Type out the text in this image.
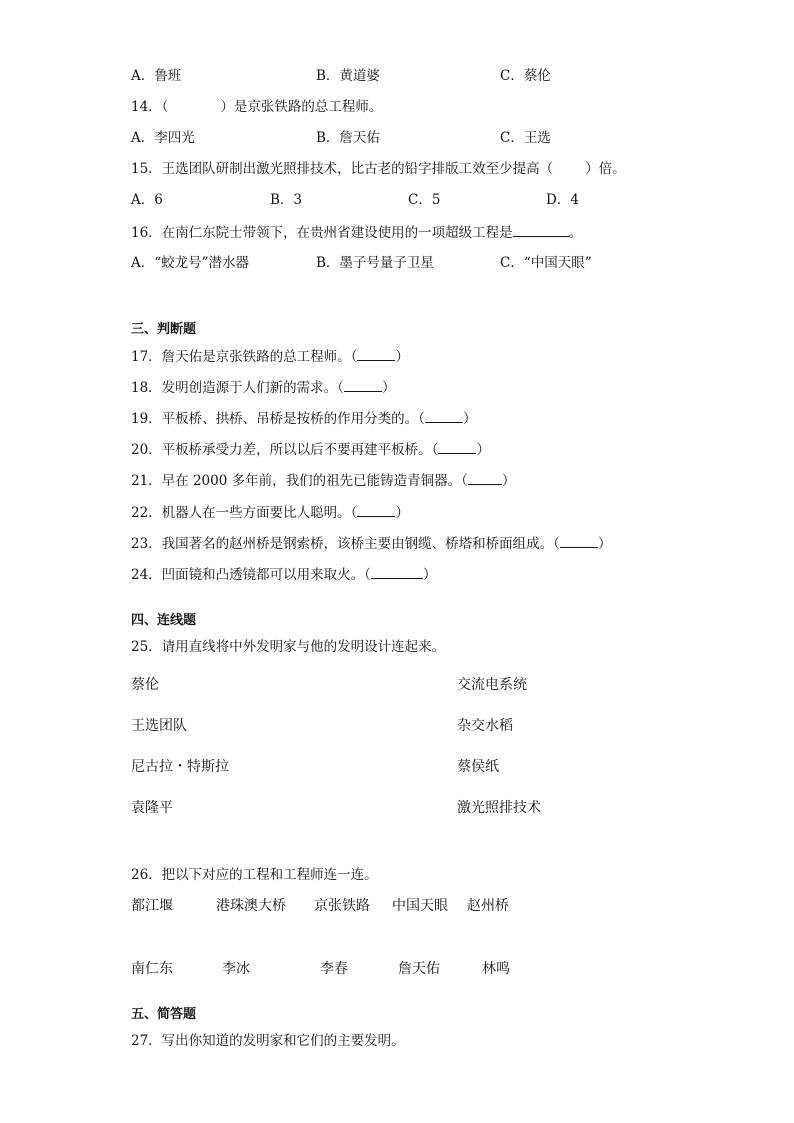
A．鲁班	B．黄道婆	C．蔡伦
14．（	）是京张铁路的总工程师。
A．李四光	B．詹天佑	C．王选
15．王选团队研制出激光照排技术，比古老的铅字排版工效至少提高（ ）倍。
A．6	B．3	C．5	D．4
16．在南仁东院士带领下，在贵州省建设使用的一项超级工程是	。
A．“蛟龙号”潜水器	B．墨子号量子卫星	C．“中国天眼”
三、判断题
17．詹天佑是京张铁路的总工程师。（	）
18．发明创造源于人们新的需求。（	）
19．平板桥、拱桥、吊桥是按桥的作用分类的。（	）
20．平板桥承受力差，所以以后不要再建平板桥。（	）
21．早在 2000 多年前，我们的祖先已能铸造青铜器。（	）
22．机器人在一些方面要比人聪明。（	）
23．我国著名的赵州桥是钢索桥，该桥主要由钢缆、桥塔和桥面组成。（	）
24．凹面镜和凸透镜都可以用来取火。（	）
四、连线题
25．请用直线将中外发明家与他的发明设计连起来。
蔡伦
王选团队
尼古拉・特斯拉
袁隆平
交流电系统
杂交水稻
蔡侯纸
激光照排技术
26．把以下对应的工程和工程师连一连。
都江堰	港珠澳大桥 京张铁路 中国天眼 赵州桥
南仁东	李冰	李春	詹天佑	林鸣
五、简答题
27．写出你知道的发明家和它们的主要发明。
